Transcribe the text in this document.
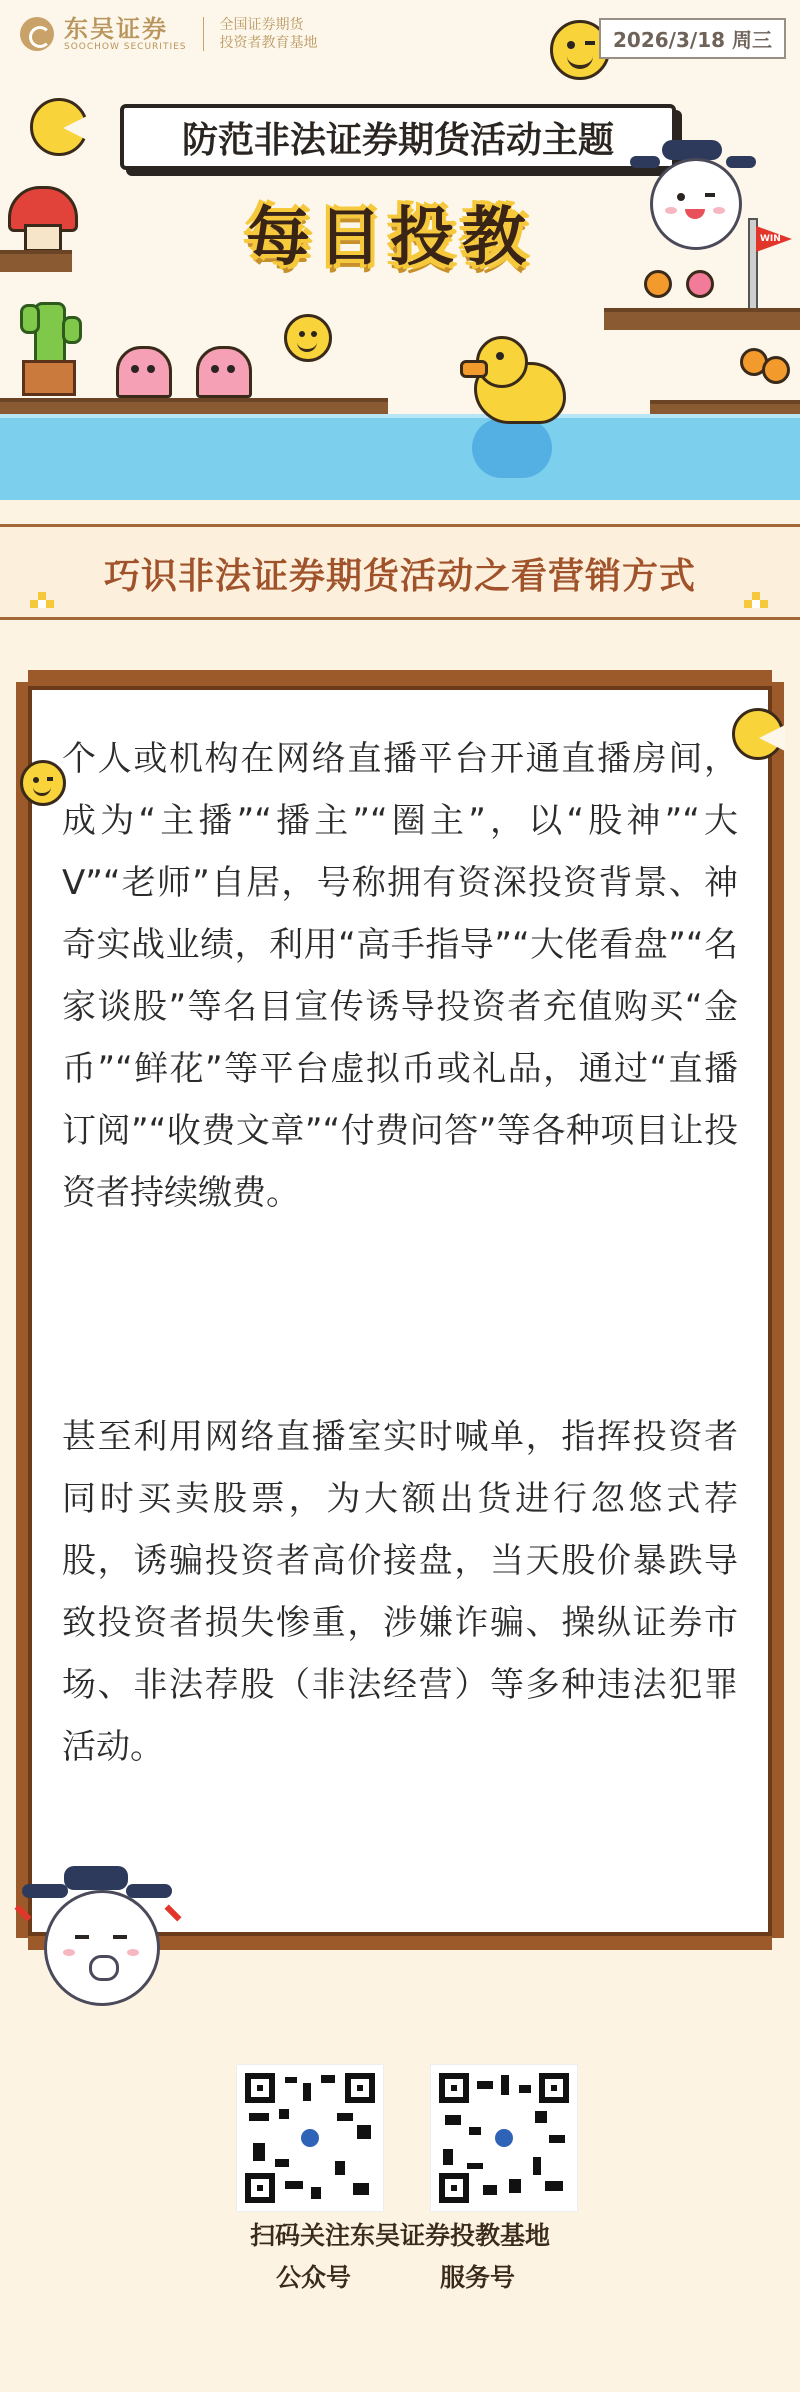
东吴证券
SOOCHOW SECURITIES
全国证券期货
投资者教育基地	2026/3/18 周三
防范非法证券期货活动主题
每日投教	WIN
巧识非法证券期货活动之看营销方式
个人或机构在网络直播平台开通直播房间，成为“主播”“播主”“圈主”，以“股神”“大V”“老师”自居，号称拥有资深投资背景、神奇实战业绩，利用“高手指导”“大佬看盘”“名家谈股”等名目宣传诱导投资者充值购买“金币”“鲜花”等平台虚拟币或礼品，通过“直播订阅”“收费文章”“付费问答”等各种项目让投资者持续缴费。
甚至利用网络直播室实时喊单，指挥投资者同时买卖股票，为大额出货进行忽悠式荐股，诱骗投资者高价接盘，当天股价暴跌导致投资者损失惨重，涉嫌诈骗、操纵证券市场、非法荐股（非法经营）等多种违法犯罪活动。
扫码关注东吴证券投教基地
公众号	服务号
